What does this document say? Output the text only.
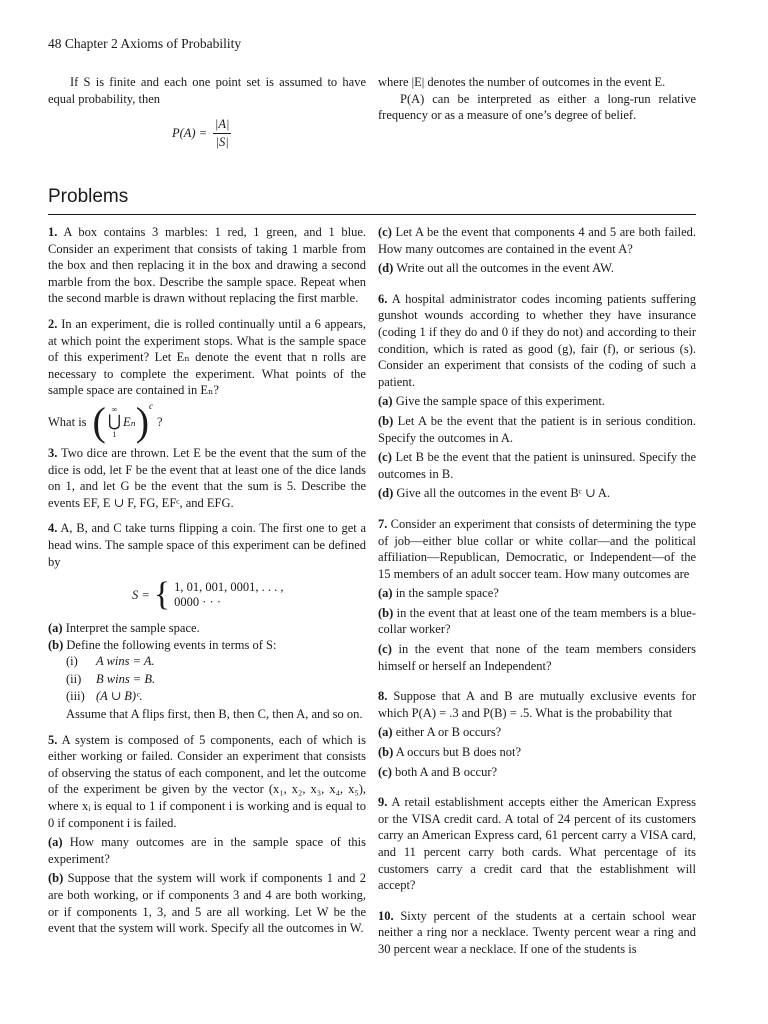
48 Chapter 2 Axioms of Probability

If S is finite and each one point set is assumed to have equal probability, then

$P(A) = \frac{|A|}{|S|}$

where |E| denotes the number of outcomes in the event E.

P(A) can be interpreted as either a long-run relative frequency or as a measure of one’s degree of belief.

Problems

1. A box contains 3 marbles: 1 red, 1 green, and 1 blue. Consider an experiment that consists of taking 1 marble from the box and then replacing it in the box and drawing a second marble from the box. Describe the sample space. Repeat when the second marble is drawn without replacing the first marble.

2. In an experiment, die is rolled continually until a 6 appears, at which point the experiment stops. What is the sample space of this experiment? Let Eₙ denote the event that n rolls are necessary to complete the experiment. What points of the sample space are contained in Eₙ?

What is ( ∞
⋃
1
Eₙ ) c
?

3. Two dice are thrown. Let E be the event that the sum of the dice is odd, let F be the event that at least one of the dice lands on 1, and let G be the event that the sum is 5. Describe the events EF, E ∪ F, FG, EFᶜ, and EFG.

4. A, B, and C take turns flipping a coin. The first one to get a head wins. The sample space of this experiment can be defined by

S = { 1, 01, 001, 0001, . . . ,
0000 · · ·

(a) Interpret the sample space.

(b) Define the following events in terms of S:

(i) A wins = A.
(ii) B wins = B.
(iii) (A ∪ B)ᶜ.
Assume that A flips first, then B, then C, then A, and so on.

5. A system is composed of 5 components, each of which is either working or failed. Consider an experiment that consists of observing the status of each component, and let the outcome of the experiment be given by the vector (x₁, x₂, x₃, x₄, x₅), where xᵢ is equal to 1 if component i is working and is equal to 0 if component i is failed.

(a) How many outcomes are in the sample space of this experiment?

(b) Suppose that the system will work if components 1 and 2 are both working, or if components 3 and 4 are both working, or if components 1, 3, and 5 are all working. Let W be the event that the system will work. Specify all the outcomes in W.

(c) Let A be the event that components 4 and 5 are both failed. How many outcomes are contained in the event A?

(d) Write out all the outcomes in the event AW.

6. A hospital administrator codes incoming patients suffering gunshot wounds according to whether they have insurance (coding 1 if they do and 0 if they do not) and according to their condition, which is rated as good (g), fair (f), or serious (s). Consider an experiment that consists of the coding of such a patient.

(a) Give the sample space of this experiment.

(b) Let A be the event that the patient is in serious condition. Specify the outcomes in A.

(c) Let B be the event that the patient is uninsured. Specify the outcomes in B.

(d) Give all the outcomes in the event Bᶜ ∪ A.

7. Consider an experiment that consists of determining the type of job—either blue collar or white collar—and the political affiliation—Republican, Democratic, or Independent—of the 15 members of an adult soccer team. How many outcomes are

(a) in the sample space?

(b) in the event that at least one of the team members is a blue-collar worker?

(c) in the event that none of the team members considers himself or herself an Independent?

8. Suppose that A and B are mutually exclusive events for which P(A) = .3 and P(B) = .5. What is the probability that

(a) either A or B occurs?

(b) A occurs but B does not?

(c) both A and B occur?

9. A retail establishment accepts either the American Express or the VISA credit card. A total of 24 percent of its customers carry an American Express card, 61 percent carry a VISA card, and 11 percent carry both cards. What percentage of its customers carry a credit card that the establishment will accept?

10. Sixty percent of the students at a certain school wear neither a ring nor a necklace. Twenty percent wear a ring and 30 percent wear a necklace. If one of the students is
